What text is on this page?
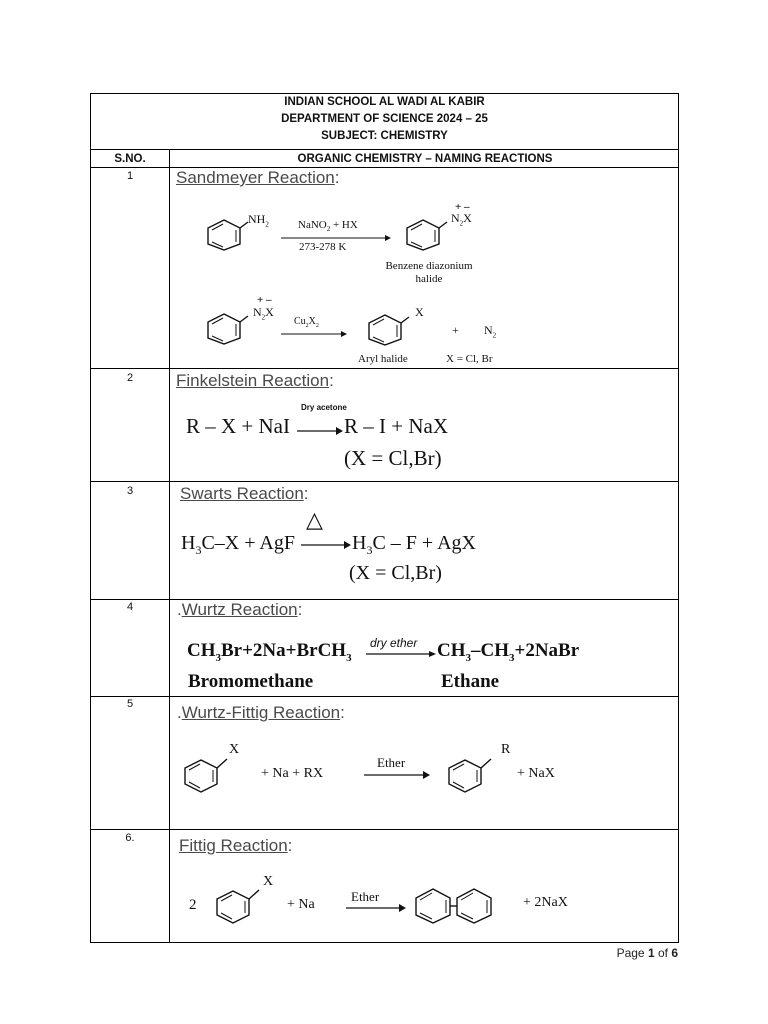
INDIAN SCHOOL AL WADI AL KABIR
DEPARTMENT OF SCIENCE 2024 – 25
SUBJECT: CHEMISTRY
S.NO.	ORGANIC CHEMISTRY – NAMING REACTIONS
1	Sandmeyer Reaction:
$NH_2$	NaNO$_2$ + HX
273-278 K
+ –
$N_2X$
Benzene diazonium
halide
+ –
$N_2X$
$Cu_2X_2$
X
+ $N_2$
Aryl halide	X = Cl, Br
2	Finkelstein Reaction:
R – X + NaI
Dry acetone
R – I + NaX
(X = Cl,Br)
3	Swarts Reaction:
$H_3C-X$ + AgF
△
$H_3C$ – F + AgX
(X = Cl,Br)
4	.Wurtz Reaction:
$CH_3Br+2Na+BrCH_3$
dry ether $CH_3-CH_3+2NaBr$
Bromomethane	Ethane
5	.Wurtz-Fittig Reaction:
X
+ Na + RX
Ether
R
+ NaX
6.	Fittig Reaction:
2
X
+ Na
Ether	+ 2NaX
Page 1 of 6
